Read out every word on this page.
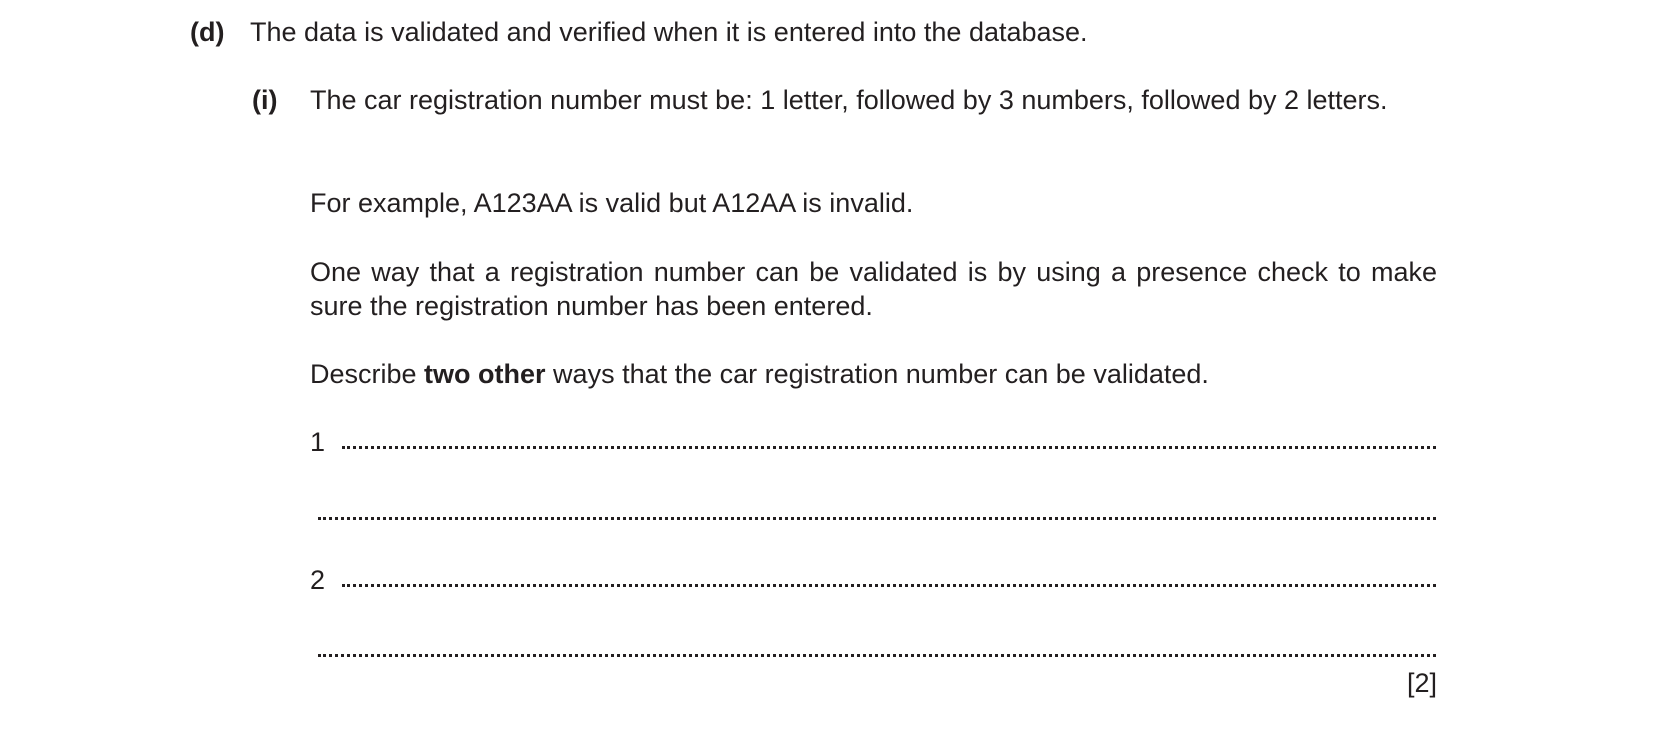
(d) The data is validated and verified when it is entered into the database.
(i) The car registration number must be: 1 letter, followed by 3 numbers, followed by 2 letters.
For example, A123AA is valid but A12AA is invalid.
One way that a registration number can be validated is by using a presence check to make sure the registration number has been entered.
Describe two other ways that the car registration number can be validated.
1
2
[2]
